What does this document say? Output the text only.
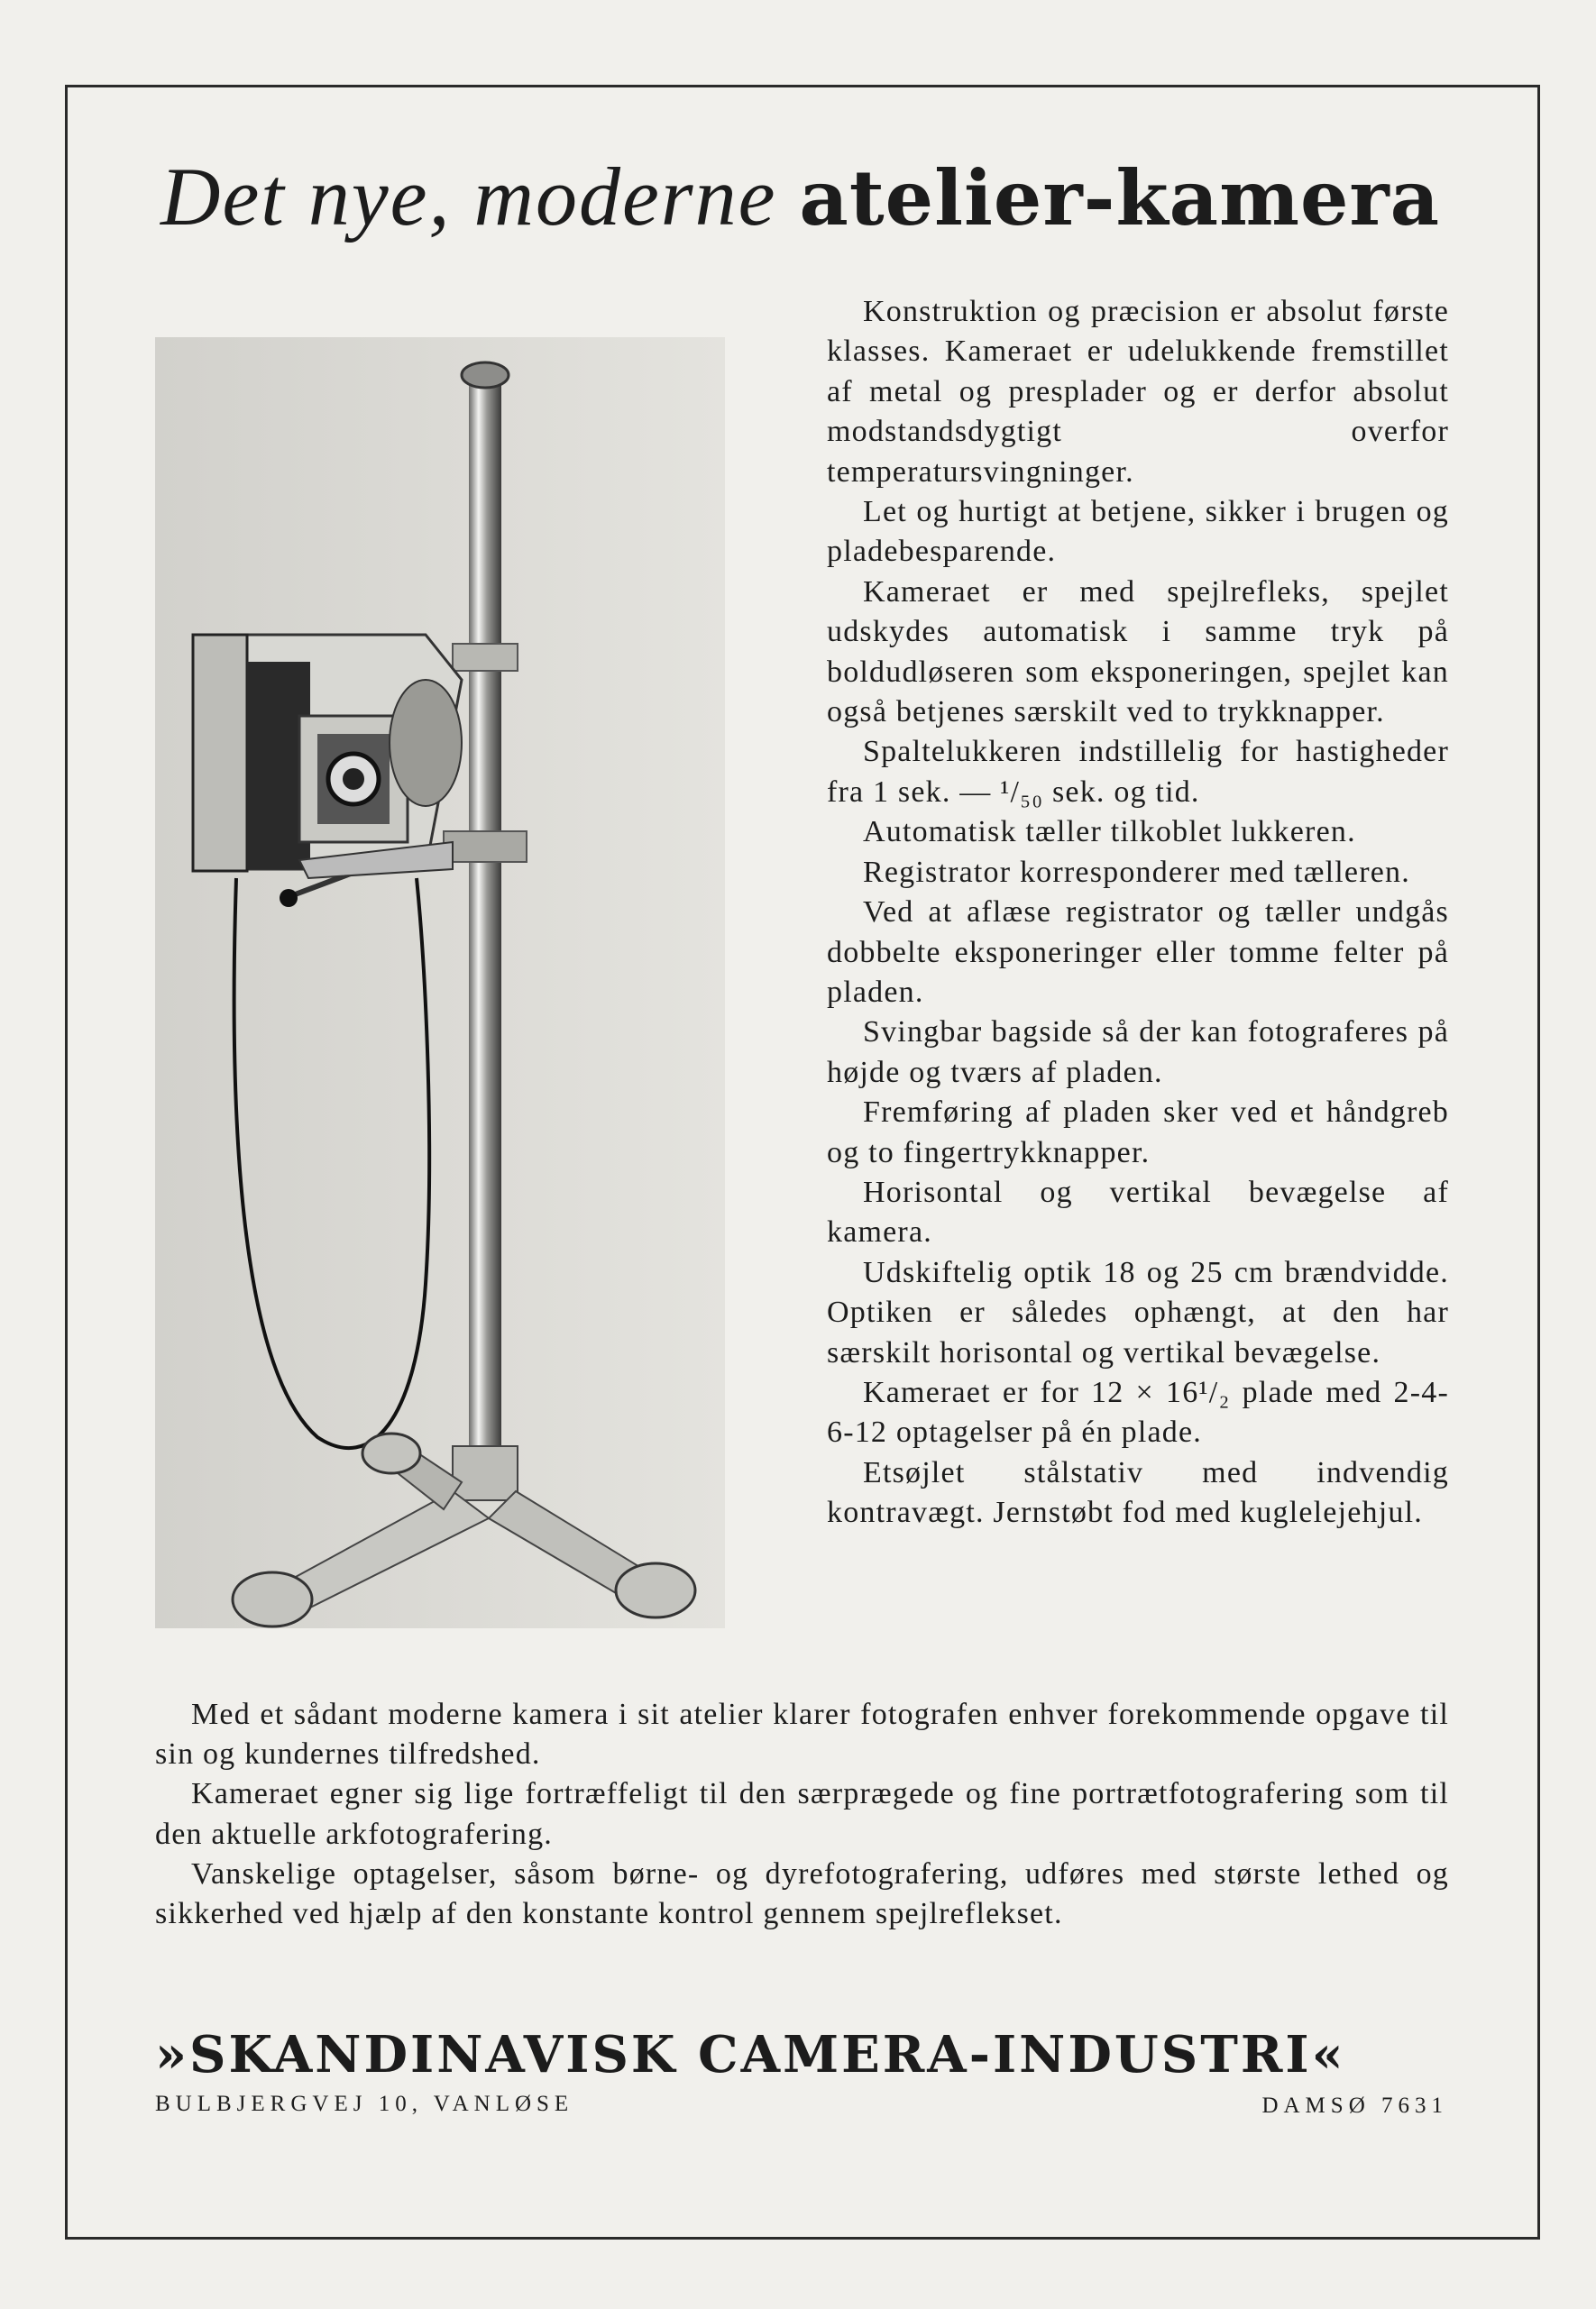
Det nye, moderne atelier-kamera

Konstruktion og præcision er absolut første klasses. Kameraet er udelukkende fremstillet af metal og presplader og er derfor absolut modstandsdygtigt overfor temperatursvingninger.

Let og hurtigt at betjene, sikker i brugen og pladebesparende.

Kameraet er med spejlrefleks, spejlet udskydes automatisk i samme tryk på boldudløseren som eksponeringen, spejlet kan også betjenes særskilt ved to trykknapper.

Spaltelukkeren indstillelig for hastigheder fra 1 sek. — ¹/₅₀ sek. og tid.

Automatisk tæller tilkoblet lukkeren.

Registrator korresponderer med tælleren.

Ved at aflæse registrator og tæller undgås dobbelte eksponeringer eller tomme felter på pladen.

Svingbar bagside så der kan fotograferes på højde og tværs af pladen.

Fremføring af pladen sker ved et håndgreb og to fingertrykknapper.

Horisontal og vertikal bevægelse af kamera.

Udskiftelig optik 18 og 25 cm brændvidde. Optiken er således ophængt, at den har særskilt horisontal og vertikal bevægelse.

Kameraet er for 12 × 16¹/₂ plade med 2-4-6-12 optagelser på én plade.

Etsøjlet stålstativ med indvendig kontravægt. Jernstøbt fod med kuglelejehjul.

Med et sådant moderne kamera i sit atelier klarer fotografen enhver forekommende opgave til sin og kundernes tilfredshed.

Kameraet egner sig lige fortræffeligt til den særprægede og fine portrætfotografering som til den aktuelle arkfotografering.

Vanskelige optagelser, såsom børne- og dyrefotografering, udføres med største lethed og sikkerhed ved hjælp af den konstante kontrol gennem spejlreflekset.

»SKANDINAVISK CAMERA-INDUSTRI«
BULBJERGVEJ 10, VANLØSE	DAMSØ 7631
